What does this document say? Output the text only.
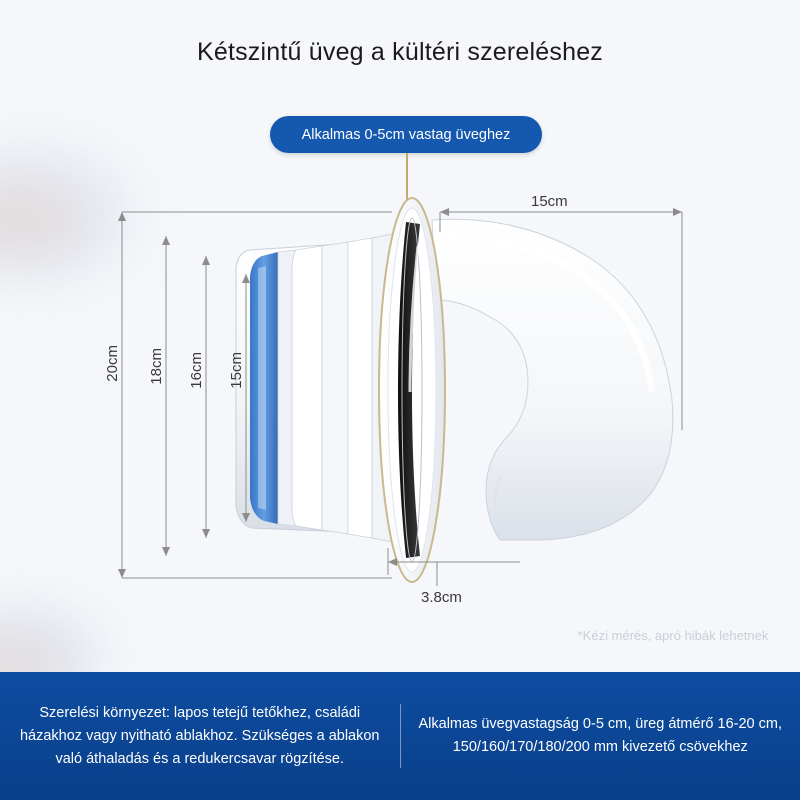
Kétszintű üveg a kültéri szereléshez
Alkalmas 0-5cm vastag üveghez
15cm
20cm 18cm 16cm 15cm
3.8cm
*Kézi mérés, apró hibák lehetnek
Szerelési környezet: lapos tetejű tetőkhez, családi házakhoz vagy nyitható ablakhoz. Szükséges a ablakon való áthaladás és a redukercsavar rögzítése.
Alkalmas üvegvastagság 0-5 cm, üreg átmérő 16-20 cm, 150/160/170/180/200 mm kivezető csövekhez
